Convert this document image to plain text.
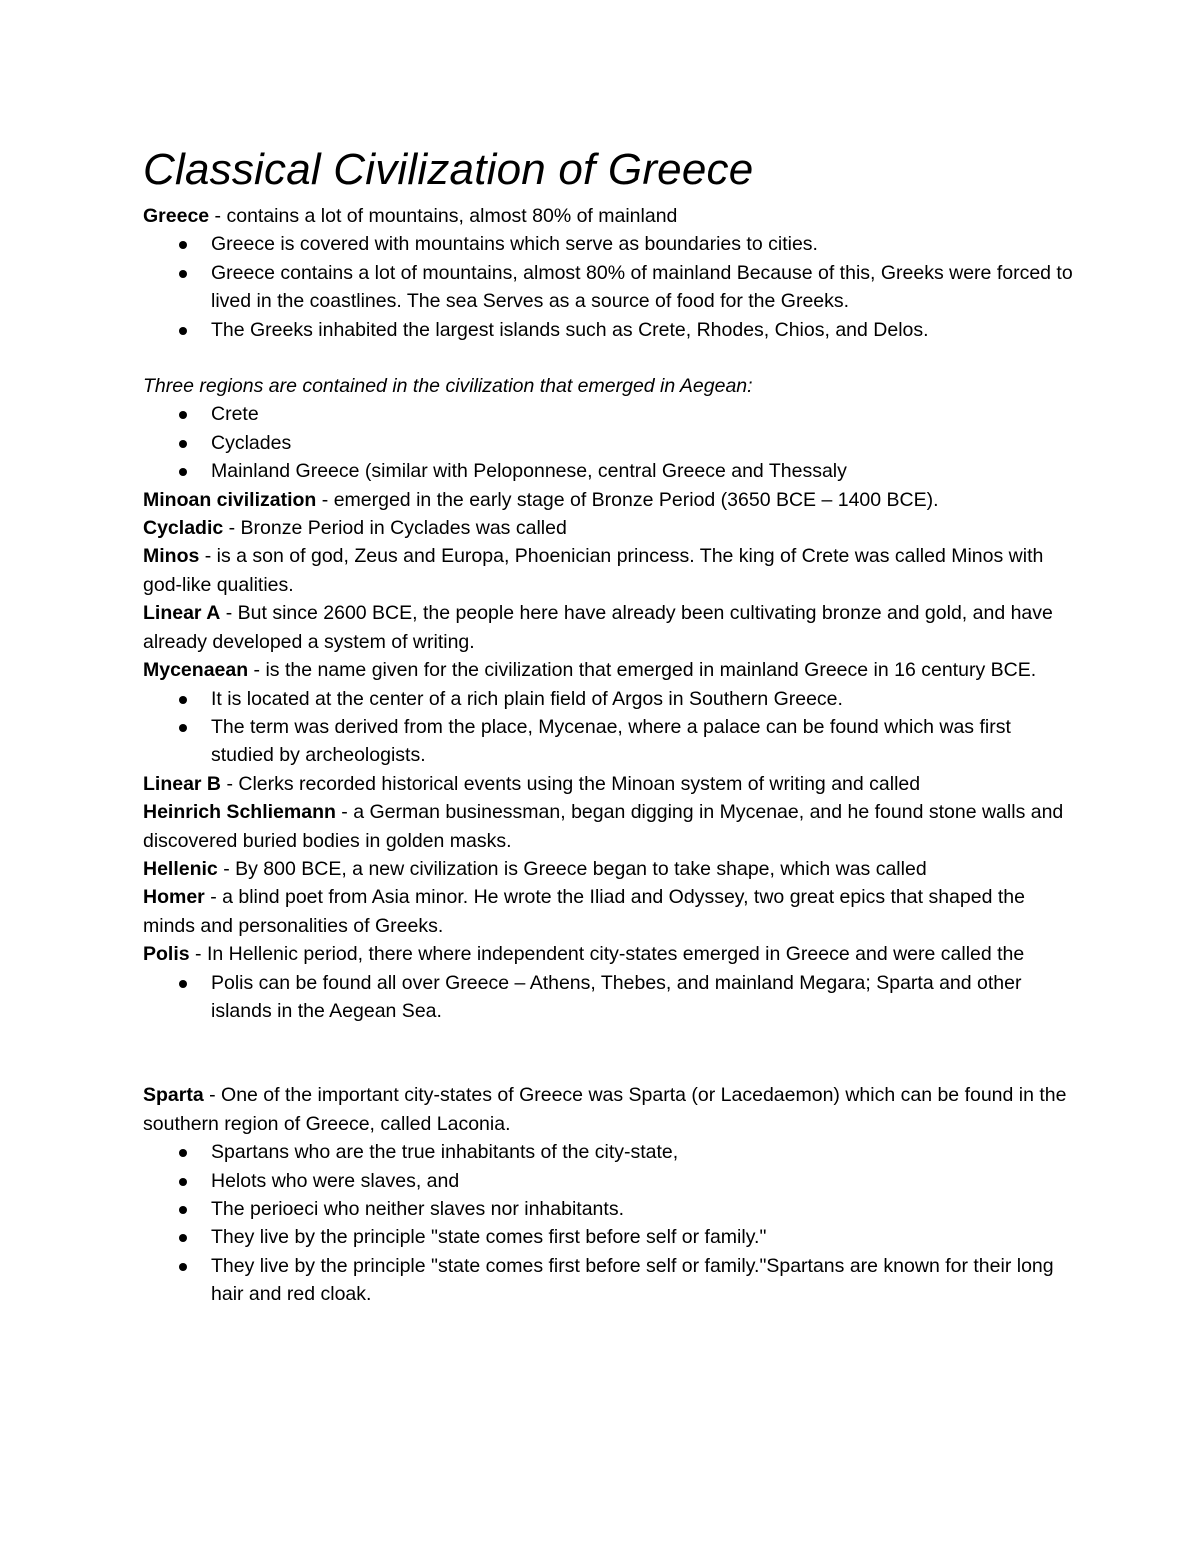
Classical Civilization of Greece

Greece - contains a lot of mountains, almost 80% of mainland

Greece is covered with mountains which serve as boundaries to cities.
Greece contains a lot of mountains, almost 80% of mainland Because of this, Greeks were forced to lived in the coastlines. The sea Serves as a source of food for the Greeks.
The Greeks inhabited the largest islands such as Crete, Rhodes, Chios, and Delos.

Three regions are contained in the civilization that emerged in Aegean:

Crete
Cyclades
Mainland Greece (similar with Peloponnese, central Greece and Thessaly

Minoan civilization - emerged in the early stage of Bronze Period (3650 BCE – 1400 BCE).

Cycladic - Bronze Period in Cyclades was called

Minos - is a son of god, Zeus and Europa, Phoenician princess. The king of Crete was called Minos with god-like qualities.

Linear A - But since 2600 BCE, the people here have already been cultivating bronze and gold, and have already developed a system of writing.

Mycenaean - is the name given for the civilization that emerged in mainland Greece in 16 century BCE.

It is located at the center of a rich plain field of Argos in Southern Greece.
The term was derived from the place, Mycenae, where a palace can be found which was first studied by archeologists.

Linear B - Clerks recorded historical events using the Minoan system of writing and called

Heinrich Schliemann - a German businessman, began digging in Mycenae, and he found stone walls and discovered buried bodies in golden masks.

Hellenic - By 800 BCE, a new civilization is Greece began to take shape, which was called

Homer - a blind poet from Asia minor. He wrote the Iliad and Odyssey, two great epics that shaped the minds and personalities of Greeks.

Polis - In Hellenic period, there where independent city-states emerged in Greece and were called the

Polis can be found all over Greece – Athens, Thebes, and mainland Megara; Sparta and other islands in the Aegean Sea.

Sparta - One of the important city-states of Greece was Sparta (or Lacedaemon) which can be found in the southern region of Greece, called Laconia.

Spartans who are the true inhabitants of the city-state,
Helots who were slaves, and
The perioeci who neither slaves nor inhabitants.
They live by the principle "state comes first before self or family."
They live by the principle "state comes first before self or family."Spartans are known for their long hair and red cloak.
